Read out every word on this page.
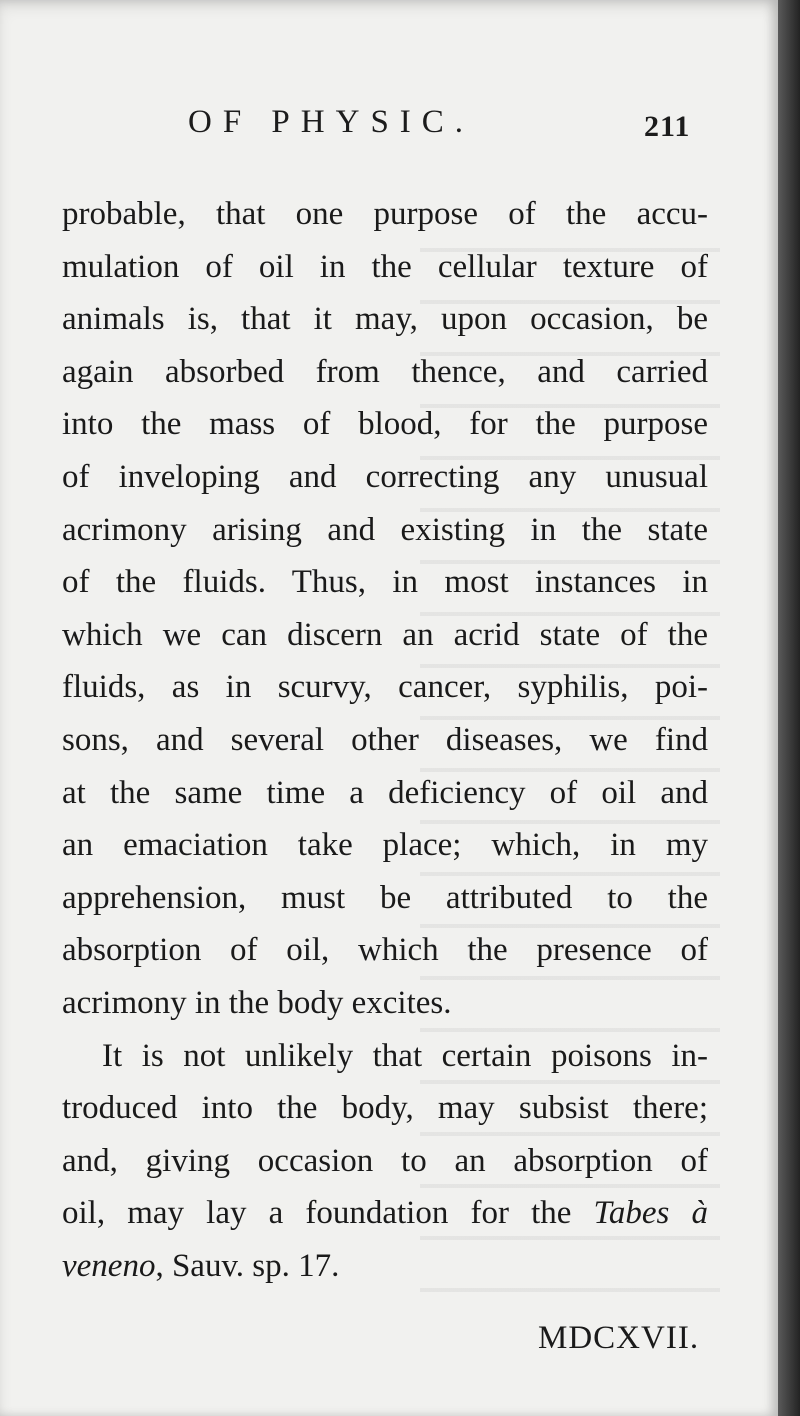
OF PHYSIC.	211
probable, that one purpose of the accu-
mulation of oil in the cellular texture of
animals is, that it may, upon occasion, be
again absorbed from thence, and carried
into the mass of blood, for the purpose
of inveloping and correcting any unusual
acrimony arising and existing in the state
of the fluids. Thus, in most instances in
which we can discern an acrid state of the
fluids, as in scurvy, cancer, syphilis, poi-
sons, and several other diseases, we find
at the same time a deficiency of oil and
an emaciation take place; which, in my
apprehension, must be attributed to the
absorption of oil, which the presence of
acrimony in the body excites.
It is not unlikely that certain poisons in-
troduced into the body, may subsist there;
and, giving occasion to an absorption of
oil, may lay a foundation for the Tabes à
veneno, Sauv. sp. 17.
MDCXVII.
